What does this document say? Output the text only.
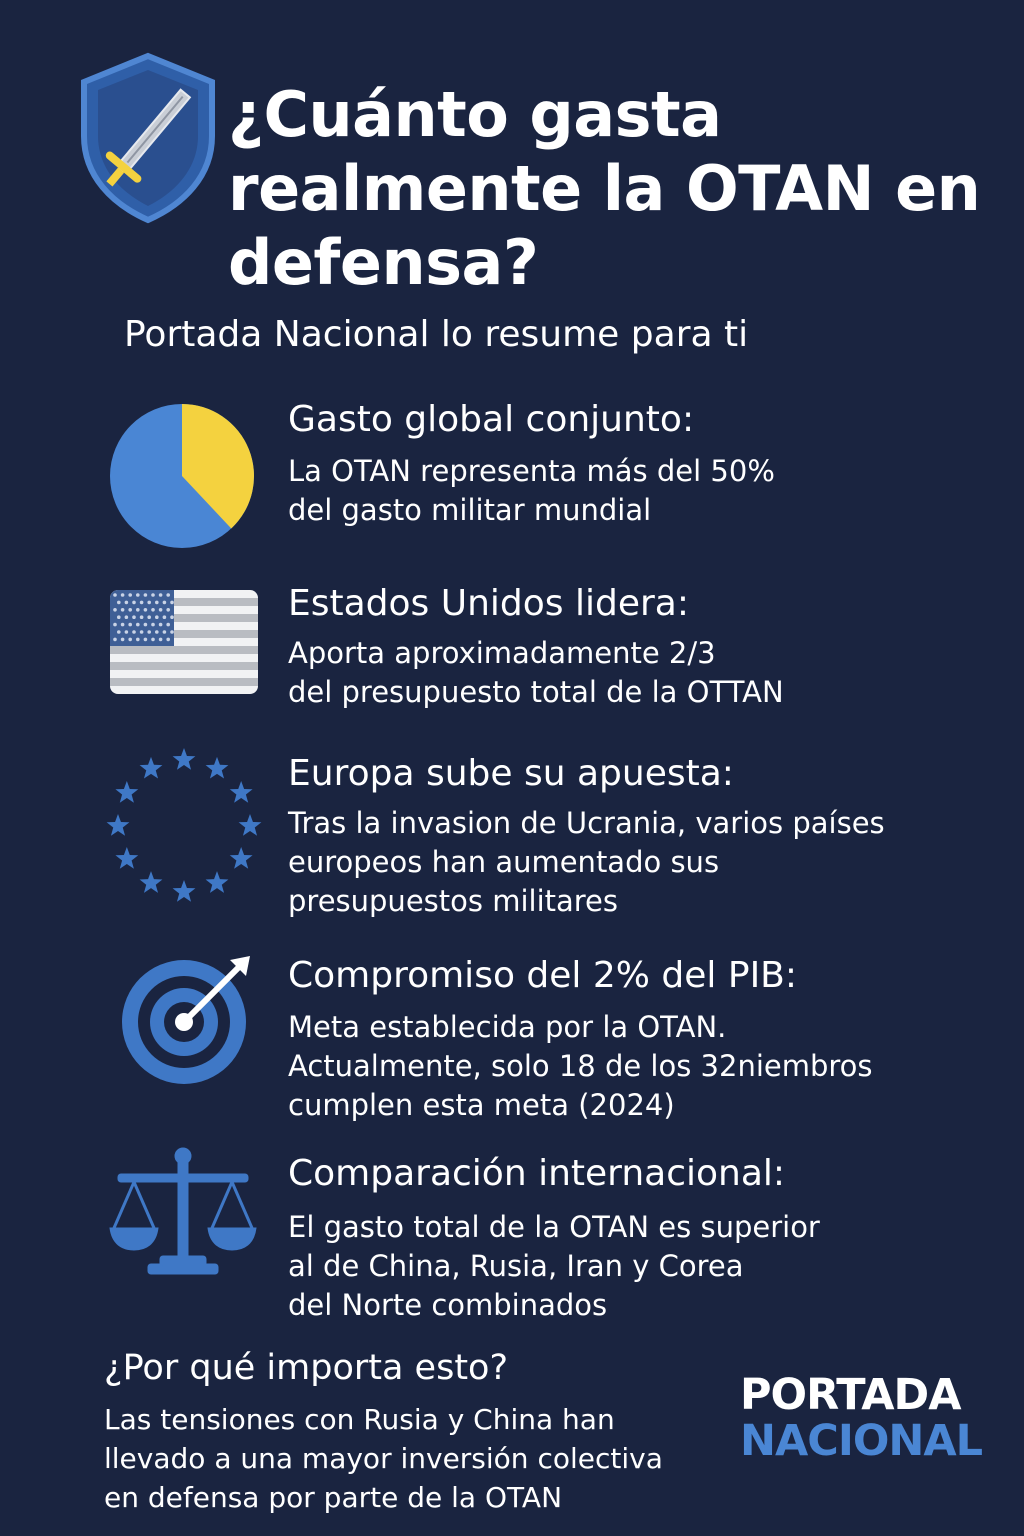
¿Cuánto gasta realmente la OTAN en defensa?

Portada Nacional lo resume para ti

Gasto global conjunto:

La OTAN representa más del 50%
del gasto militar mundial

Estados Unidos lidera:

Aporta aproximadamente 2/3
del presupuesto total de la OTTAN

Europa sube su apuesta:

Tras la invasion de Ucrania, varios países
europeos han aumentado sus
presupuestos militares

Compromiso del 2% del PIB:

Meta establecida por la OTAN.
Actualmente, solo 18 de los 32niembros
cumplen esta meta (2024)

Comparación internacional:

El gasto total de la OTAN es superior
al de China, Rusia, Iran y Corea
del Norte combinados

¿Por qué importa esto?

Las tensiones con Rusia y China han
llevado a una mayor inversión colectiva
en defensa por parte de la OTAN

PORTADA
NACIONAL
